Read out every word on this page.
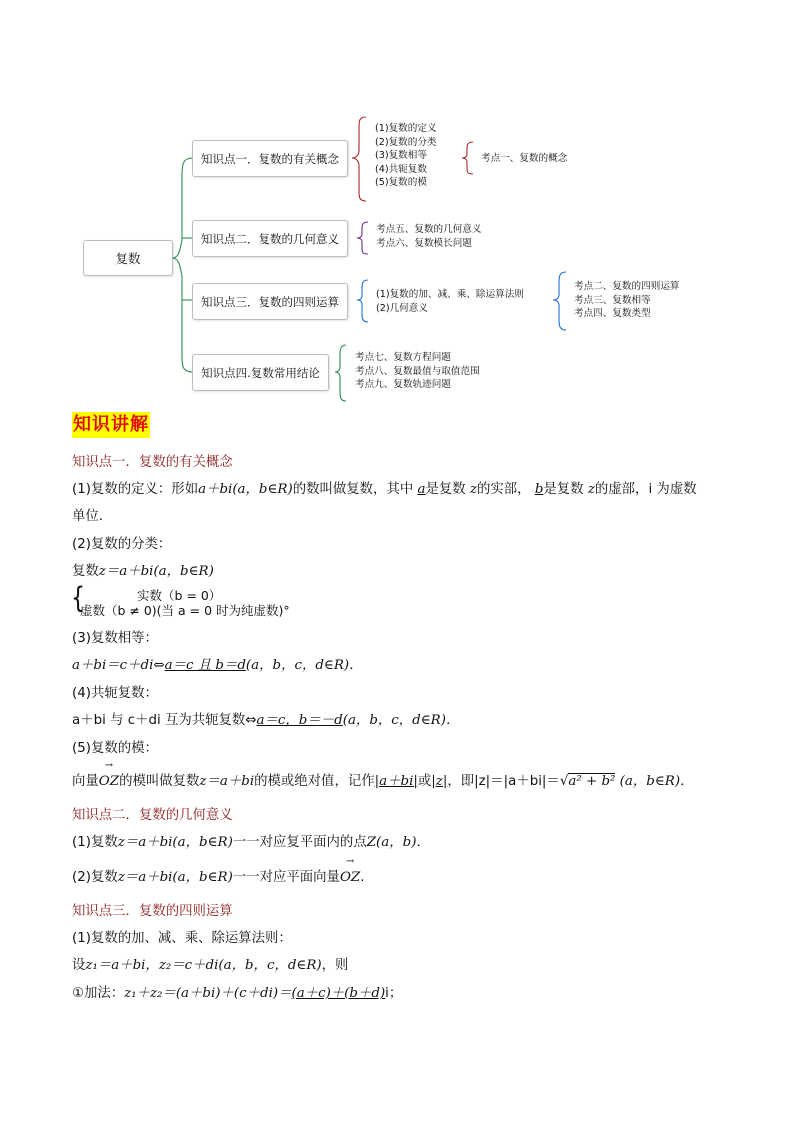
复数
知识点一．复数的有关概念
知识点二．复数的几何意义
知识点三．复数的四则运算
知识点四.复数常用结论
(1)复数的定义
(2)复数的分类
(3)复数相等
(4)共轭复数
(5)复数的模
考点一、复数的概念
考点五、复数的几何意义
考点六、复数模长问题
(1)复数的加、减、乘、除运算法则
(2)几何意义
考点二、复数的四则运算
考点三、复数相等
考点四、复数类型
考点七、复数方程问题
考点八、复数最值与取值范围
考点九、复数轨迹问题
知识讲解
知识点一．复数的有关概念
(1)复数的定义：形如a＋bi(a，b∈R)的数叫做复数，其中 a是复数 z的实部， b是复数 z的虚部，i 为虚数
单位．
(2)复数的分类：
复数z＝a＋bi(a，b∈R)
{	实数（b = 0）
虚数（b ≠ 0)(当 a = 0 时为纯虚数)°
(3)复数相等：
a＋bi＝c＋di⇔a＝c 且 b＝d(a，b，c，d∈R)．
(4)共轭复数：
a＋bi 与 c＋di 互为共轭复数⇔a＝c，b＝－d(a，b，c，d∈R)．
(5)复数的模：
向量→ OZ的模叫做复数z＝a＋bi的模或绝对值，记作|a＋bi|或|z|，即|z|＝|a＋bi|＝√a² + b² (a，b∈R)．
知识点二．复数的几何意义
(1)复数z＝a＋bi(a，b∈R)一一对应复平面内的点Z(a，b)．
(2)复数z＝a＋bi(a，b∈R)一一对应平面向量→ OZ.
知识点三．复数的四则运算
(1)复数的加、减、乘、除运算法则：
设z₁＝a＋bi，z₂＝c＋di(a，b，c，d∈R)，则
①加法：z₁＋z₂＝(a＋bi)＋(c＋di)＝(a＋c)＋(b＋d)i；
